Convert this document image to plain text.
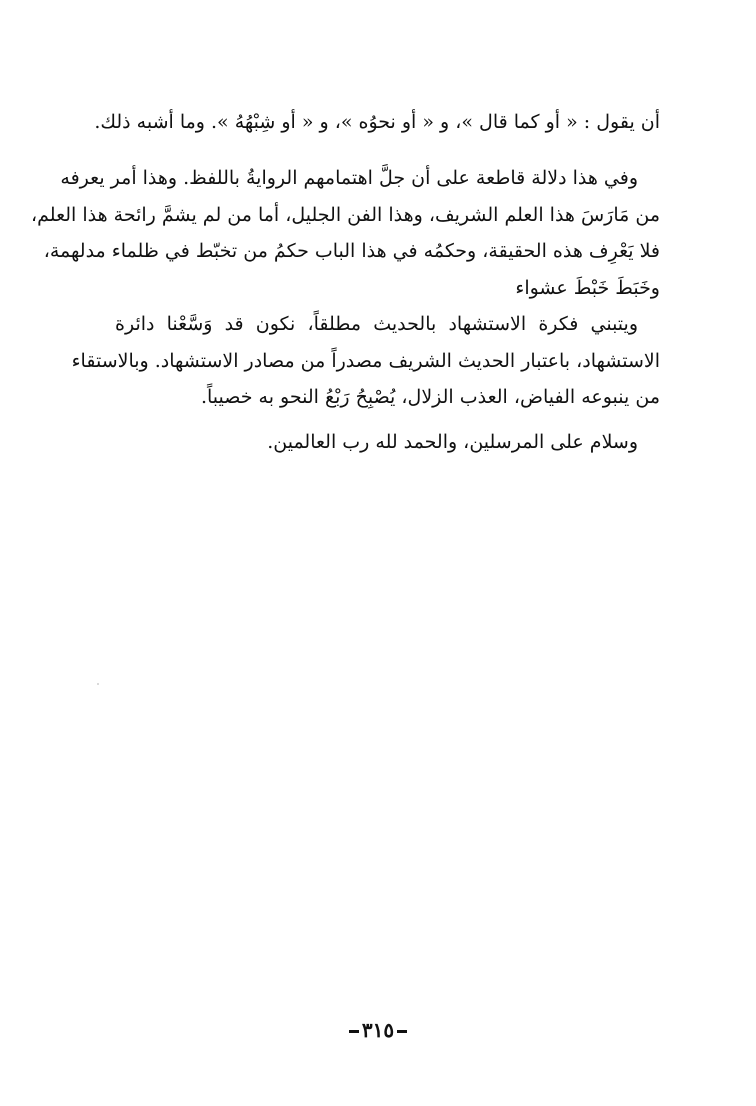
أن يقول : « أو كما قال »، و « أو نحوُه »، و « أو شِبْهُهُ ». وما أشبه ذلك.

وفي هذا دلالة قاطعة على أن جلَّ اهتمامهم الروايةُ باللفظ. وهذا أمر يعرفه
من مَارَسَ هذا العلم الشريف، وهذا الفن الجليل، أما من لم يشمَّ رائحة هذا العلم،
فلا يَعْرِف هذه الحقيقة، وحكمُه في هذا الباب حكمُ من تخبّط في ظلماء مدلهمة،
وخَبَطَ خَبْطَ عشواء

ويتبني فكرة الاستشهاد بالحديث مطلقاً، نكون قد وَسَّعْنا دائرة
الاستشهاد، باعتبار الحديث الشريف مصدراً من مصادر الاستشهاد. وبالاستقاء
من ينبوعه الفياض، العذب الزلال، يُصْبِحُ رَبْعُ النحو به خصيباً.

وسلام على المرسلين، والحمد لله رب العالمين.

٣١٥
